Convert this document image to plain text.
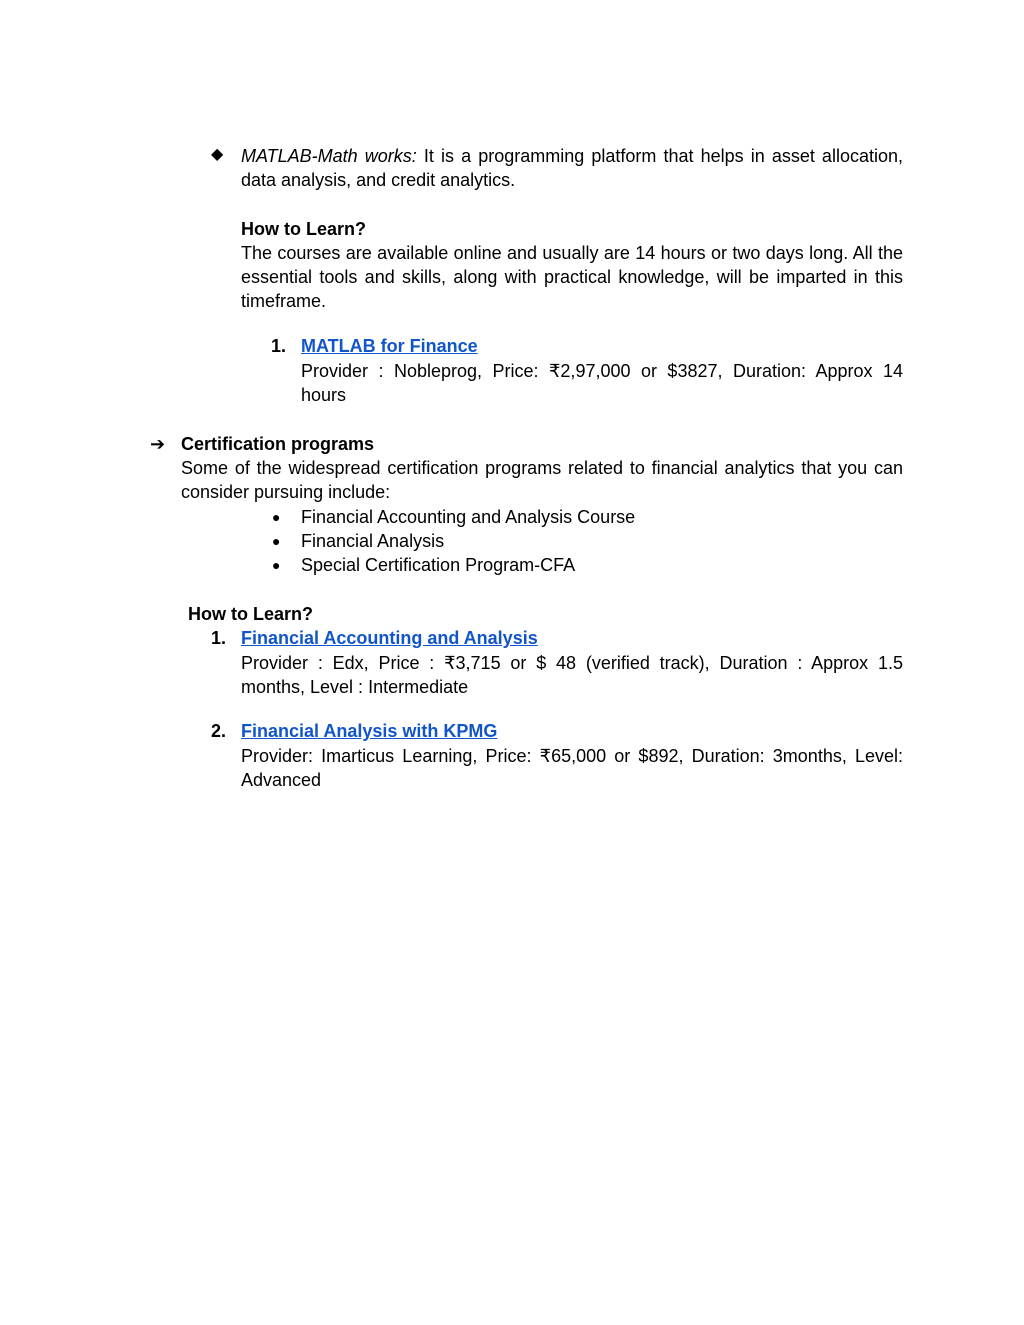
◆ MATLAB-Math works: It is a programming platform that helps in asset allocation, data analysis, and credit analytics.
How to Learn?
The courses are available online and usually are 14 hours or two days long. All the essential tools and skills, along with practical knowledge, will be imparted in this timeframe.
1. MATLAB for Finance
Provider : Nobleprog, Price: ₹2,97,000 or $3827, Duration: Approx 14 hours
➔ Certification programs
Some of the widespread certification programs related to financial analytics that you can consider pursuing include:
● Financial Accounting and Analysis Course
● Financial Analysis
● Special Certification Program-CFA
How to Learn?
1. Financial Accounting and Analysis
Provider : Edx, Price : ₹3,715 or $ 48 (verified track), Duration : Approx 1.5 months, Level : Intermediate
2. Financial Analysis with KPMG
Provider: Imarticus Learning, Price: ₹65,000 or $892, Duration: 3months, Level: Advanced
